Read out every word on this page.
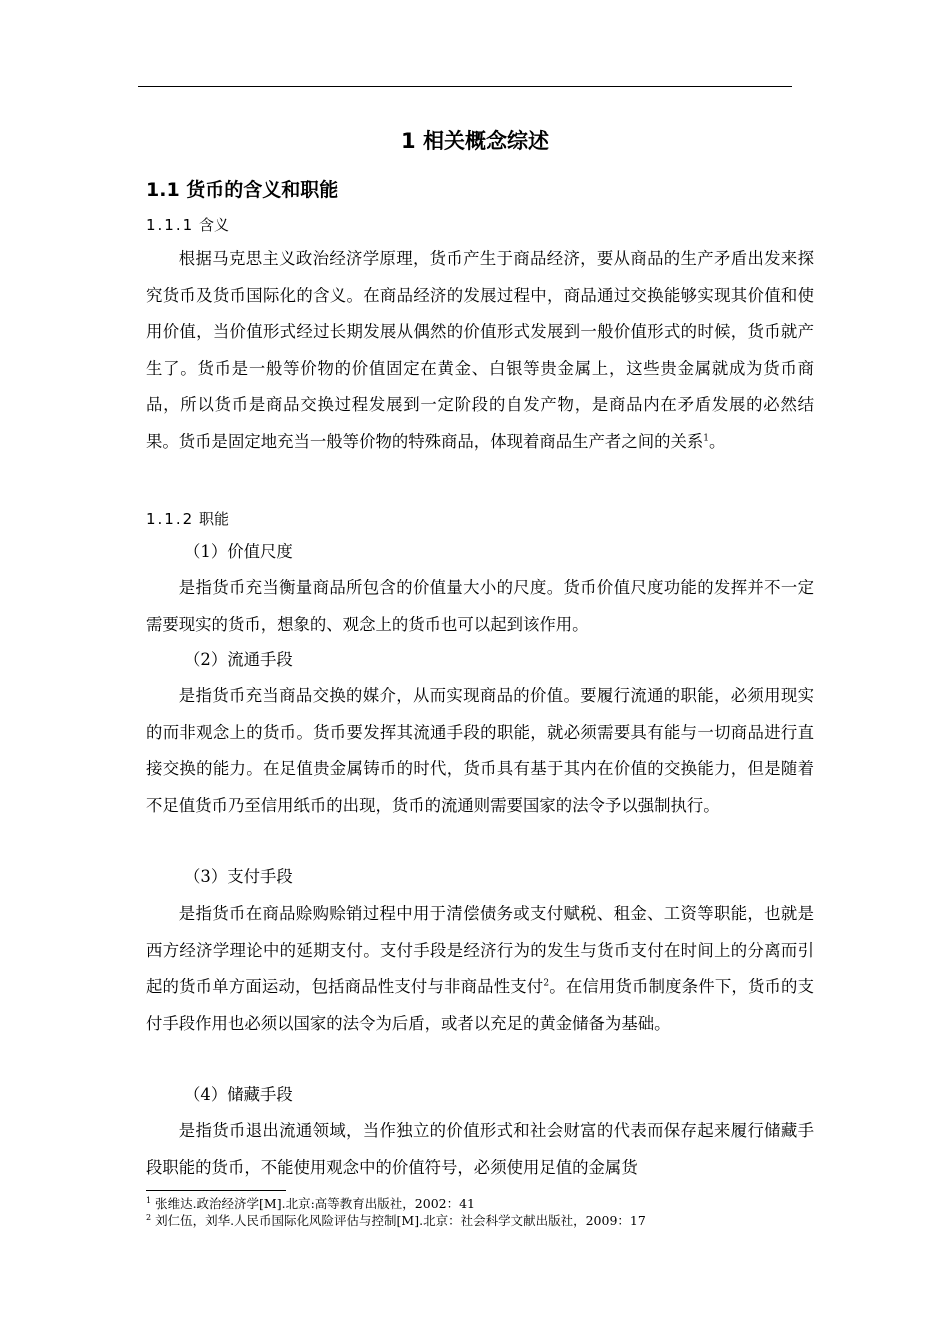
1 相关概念综述
1.1 货币的含义和职能
1.1.1 含义

根据马克思主义政治经济学原理，货币产生于商品经济，要从商品的生产矛盾出发来探究货币及货币国际化的含义。在商品经济的发展过程中，商品通过交换能够实现其价值和使用价值，当价值形式经过长期发展从偶然的价值形式发展到一般价值形式的时候，货币就产生了。货币是一般等价物的价值固定在黄金、白银等贵金属上，这些贵金属就成为货币商品，所以货币是商品交换过程发展到一定阶段的自发产物，是商品内在矛盾发展的必然结果。货币是固定地充当一般等价物的特殊商品，体现着商品生产者之间的关系$^1$。

1.1.2 职能
（1）价值尺度

是指货币充当衡量商品所包含的价值量大小的尺度。货币价值尺度功能的发挥并不一定需要现实的货币，想象的、观念上的货币也可以起到该作用。

（2）流通手段

是指货币充当商品交换的媒介，从而实现商品的价值。要履行流通的职能，必须用现实的而非观念上的货币。货币要发挥其流通手段的职能，就必须需要具有能与一切商品进行直接交换的能力。在足值贵金属铸币的时代，货币具有基于其内在价值的交换能力，但是随着不足值货币乃至信用纸币的出现，货币的流通则需要国家的法令予以强制执行。

（3）支付手段

是指货币在商品赊购赊销过程中用于清偿债务或支付赋税、租金、工资等职能，也就是西方经济学理论中的延期支付。支付手段是经济行为的发生与货币支付在时间上的分离而引起的货币单方面运动，包括商品性支付与非商品性支付$^2$。在信用货币制度条件下，货币的支付手段作用也必须以国家的法令为后盾，或者以充足的黄金储备为基础。

（4）储藏手段

是指货币退出流通领域，当作独立的价值形式和社会财富的代表而保存起来履行储藏手段职能的货币，不能使用观念中的价值符号，必须使用足值的金属货

$^1$ 张维达.政治经济学[M].北京:高等教育出版社，2002：41
$^2$ 刘仁伍，刘华.人民币国际化风险评估与控制[M].北京：社会科学文献出版社，2009：17
